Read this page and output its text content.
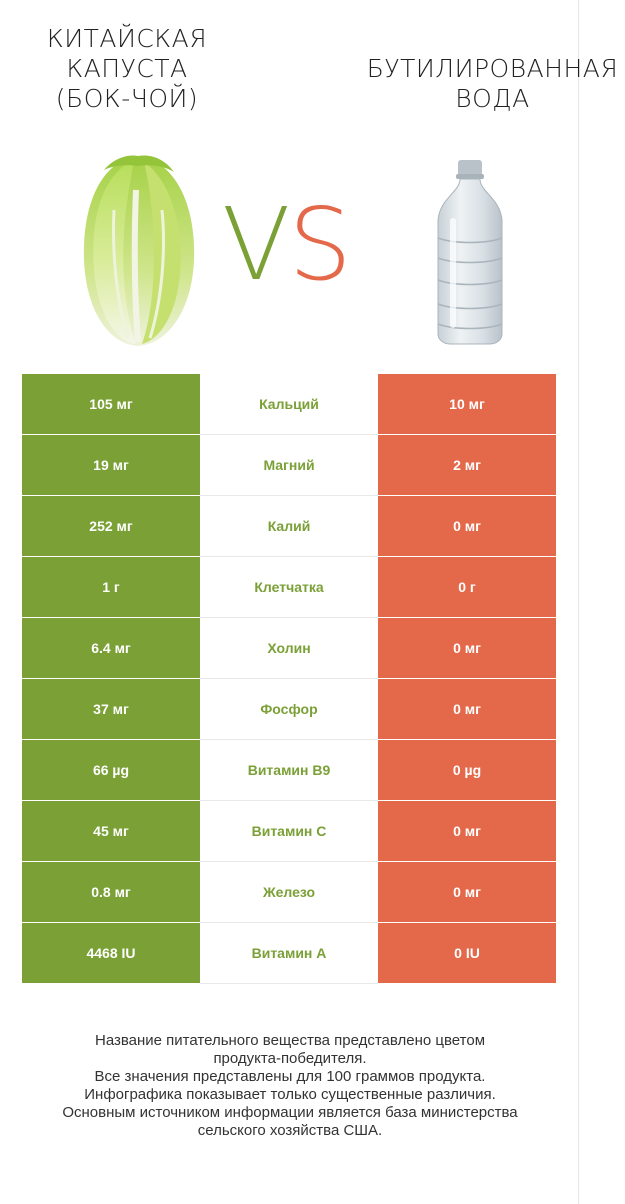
КИТАЙСКАЯ
КАПУСТА
(БОК-ЧОЙ)
БУТИЛИРОВАННАЯ
ВОДА
VS
105 мг	Кальций	10 мг
19 мг	Магний	2 мг
252 мг	Калий	0 мг
1 г	Клетчатка	0 г
6.4 мг	Холин	0 мг
37 мг	Фосфор	0 мг
66 µg	Витамин B9	0 µg
45 мг	Витамин C	0 мг
0.8 мг	Железо	0 мг
4468 IU	Витамин A	0 IU
Название питательного вещества представлено цветом
продукта-победителя.
Все значения представлены для 100 граммов продукта.
Инфографика показывает только существенные различия.
Основным источником информации является база министерства
сельского хозяйства США.
